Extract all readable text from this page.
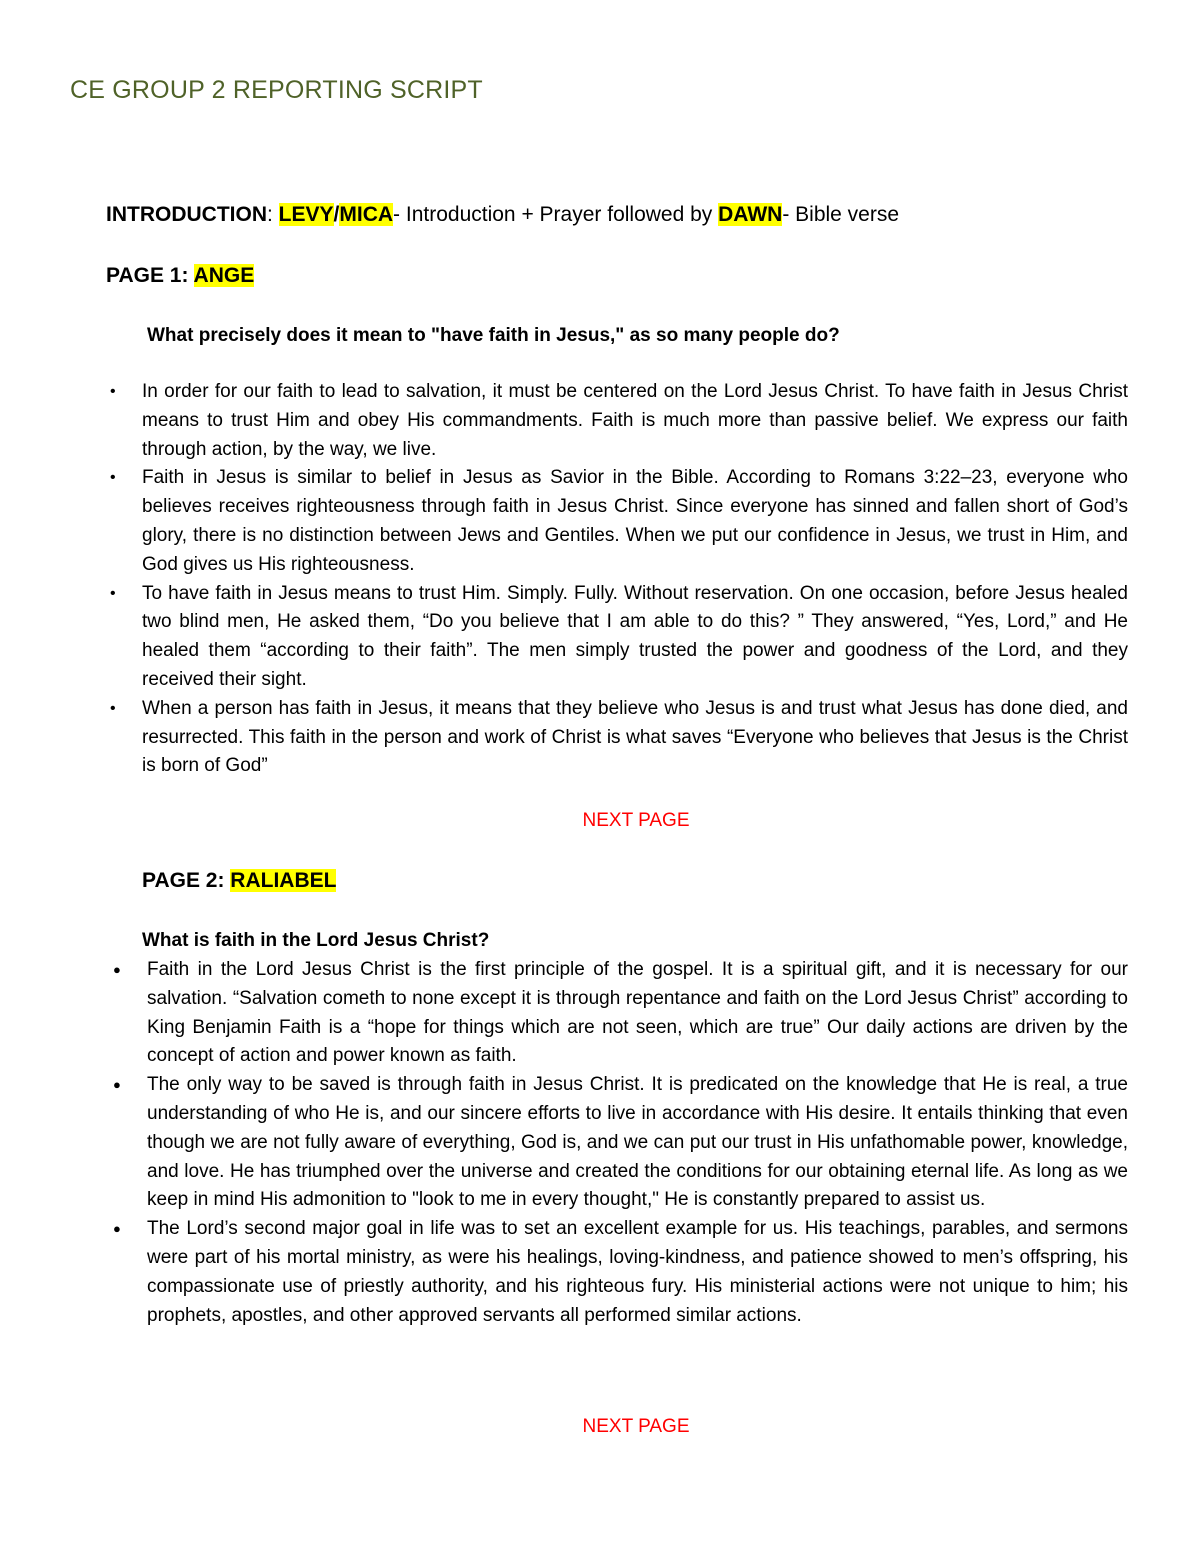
CE GROUP 2 REPORTING SCRIPT
INTRODUCTION: LEVY/MICA- Introduction + Prayer followed by DAWN- Bible verse
PAGE 1: ANGE
What precisely does it mean to "have faith in Jesus," as so many people do?
• In order for our faith to lead to salvation, it must be centered on the Lord Jesus Christ. To have faith in Jesus Christ means to trust Him and obey His commandments. Faith is much more than passive belief. We express our faith through action, by the way, we live.
• Faith in Jesus is similar to belief in Jesus as Savior in the Bible. According to Romans 3:22–23, everyone who believes receives righteousness through faith in Jesus Christ. Since everyone has sinned and fallen short of God’s glory, there is no distinction between Jews and Gentiles. When we put our confidence in Jesus, we trust in Him, and God gives us His righteousness.
• To have faith in Jesus means to trust Him. Simply. Fully. Without reservation. On one occasion, before Jesus healed two blind men, He asked them, “Do you believe that I am able to do this? ” They answered, “Yes, Lord,” and He healed them “according to their faith”. The men simply trusted the power and goodness of the Lord, and they received their sight.
• When a person has faith in Jesus, it means that they believe who Jesus is and trust what Jesus has done died, and resurrected. This faith in the person and work of Christ is what saves “Everyone who believes that Jesus is the Christ is born of God”
NEXT PAGE
PAGE 2: RALIABEL
What is faith in the Lord Jesus Christ?
● Faith in the Lord Jesus Christ is the first principle of the gospel. It is a spiritual gift, and it is necessary for our salvation. “Salvation cometh to none except it is through repentance and faith on the Lord Jesus Christ” according to King Benjamin Faith is a “hope for things which are not seen, which are true” Our daily actions are driven by the concept of action and power known as faith.
● The only way to be saved is through faith in Jesus Christ. It is predicated on the knowledge that He is real, a true understanding of who He is, and our sincere efforts to live in accordance with His desire. It entails thinking that even though we are not fully aware of everything, God is, and we can put our trust in His unfathomable power, knowledge, and love. He has triumphed over the universe and created the conditions for our obtaining eternal life. As long as we keep in mind His admonition to "look to me in every thought," He is constantly prepared to assist us.
● The Lord’s second major goal in life was to set an excellent example for us. His teachings, parables, and sermons were part of his mortal ministry, as were his healings, loving-kindness, and patience showed to men’s offspring, his compassionate use of priestly authority, and his righteous fury. His ministerial actions were not unique to him; his prophets, apostles, and other approved servants all performed similar actions.
NEXT PAGE
